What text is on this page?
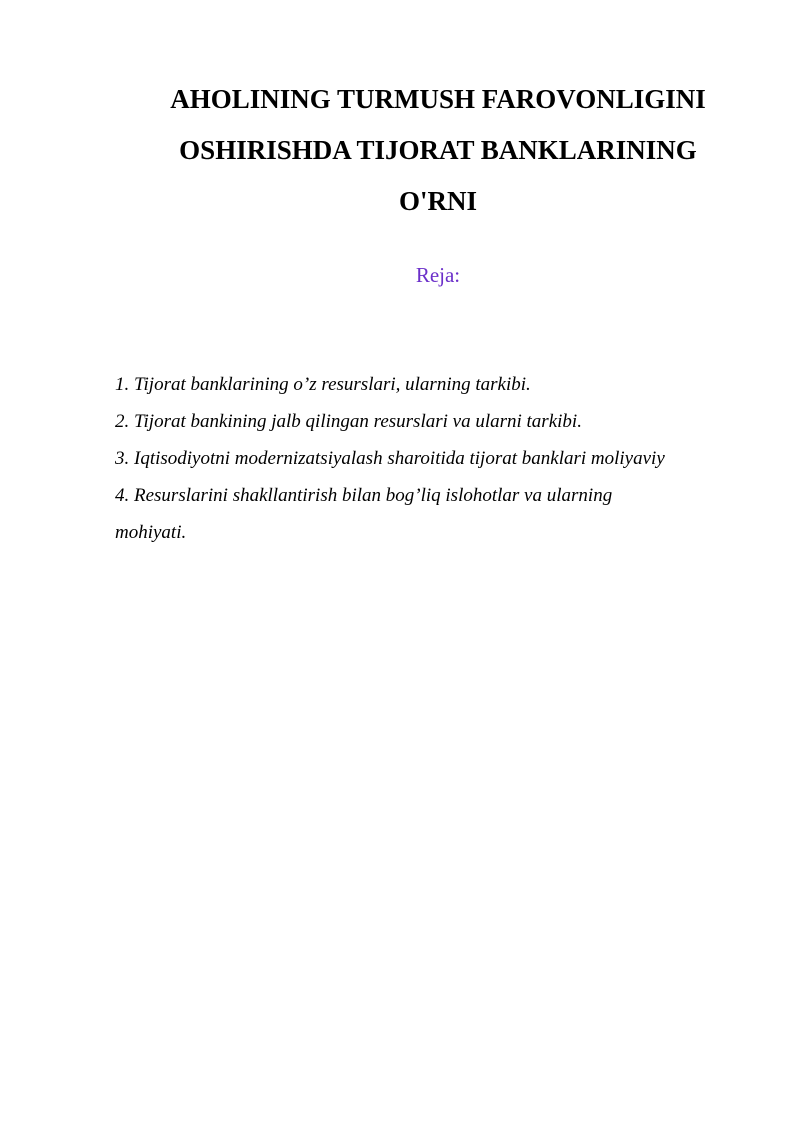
AHOLINING TURMUSH FAROVONLIGINI
OSHIRISHDA TIJORAT BANKLARINING
O'RNI

Reja:

1. Tijorat banklarining o’z resurslari, ularning tarkibi.
2. Tijorat bankining jalb qilingan resurslari va ularni tarkibi.
3. Iqtisodiyotni modernizatsiyalash sharoitida tijorat banklari moliyaviy
4. Resurslarini shakllantirish bilan bog’liq islohotlar va ularning
mohiyati.
